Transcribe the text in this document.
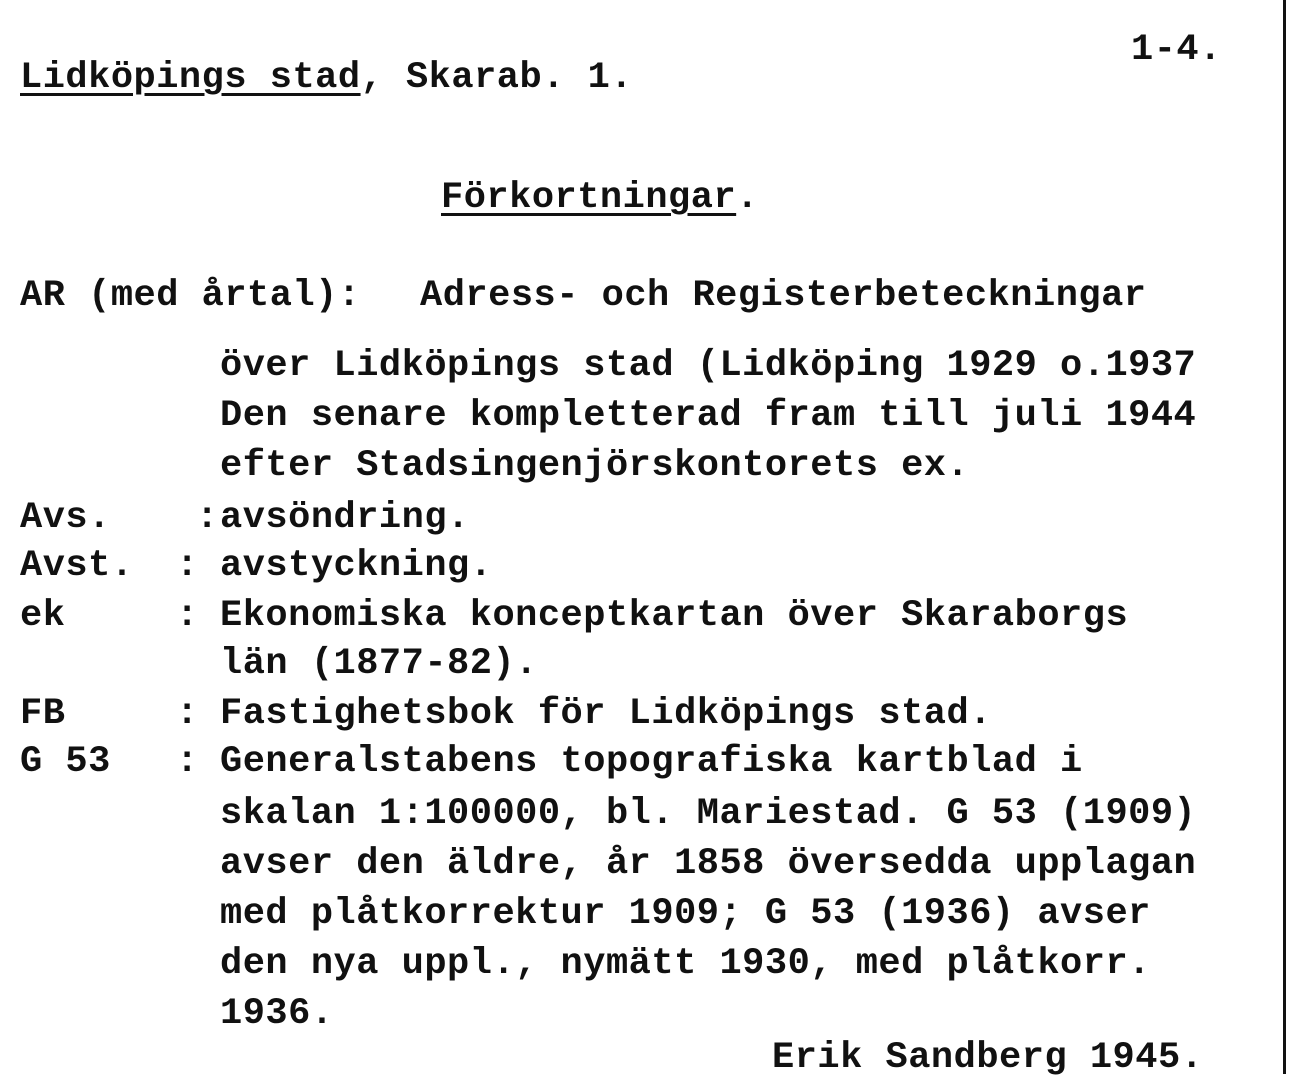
Lidköpings stad, Skarab. 1.
1-4.
Förkortningar.
AR (med årtal): Adress- och Registerbeteckningar
över Lidköpings stad (Lidköping 1929 o.1937
Den senare kompletterad fram till juli 1944
efter Stadsingenjörskontorets ex.
Avs. : avsöndring.
Avst. : avstyckning.
ek	: Ekonomiska konceptkartan över Skaraborgs
län (1877-82).
FB	: Fastighetsbok för Lidköpings stad.
G 53 : Generalstabens topografiska kartblad i
skalan 1:100000, bl. Mariestad. G 53 (1909)
avser den äldre, år 1858 översedda upplagan
med plåtkorrektur 1909; G 53 (1936) avser
den nya uppl., nymätt 1930, med plåtkorr.
1936.
Erik Sandberg 1945.
